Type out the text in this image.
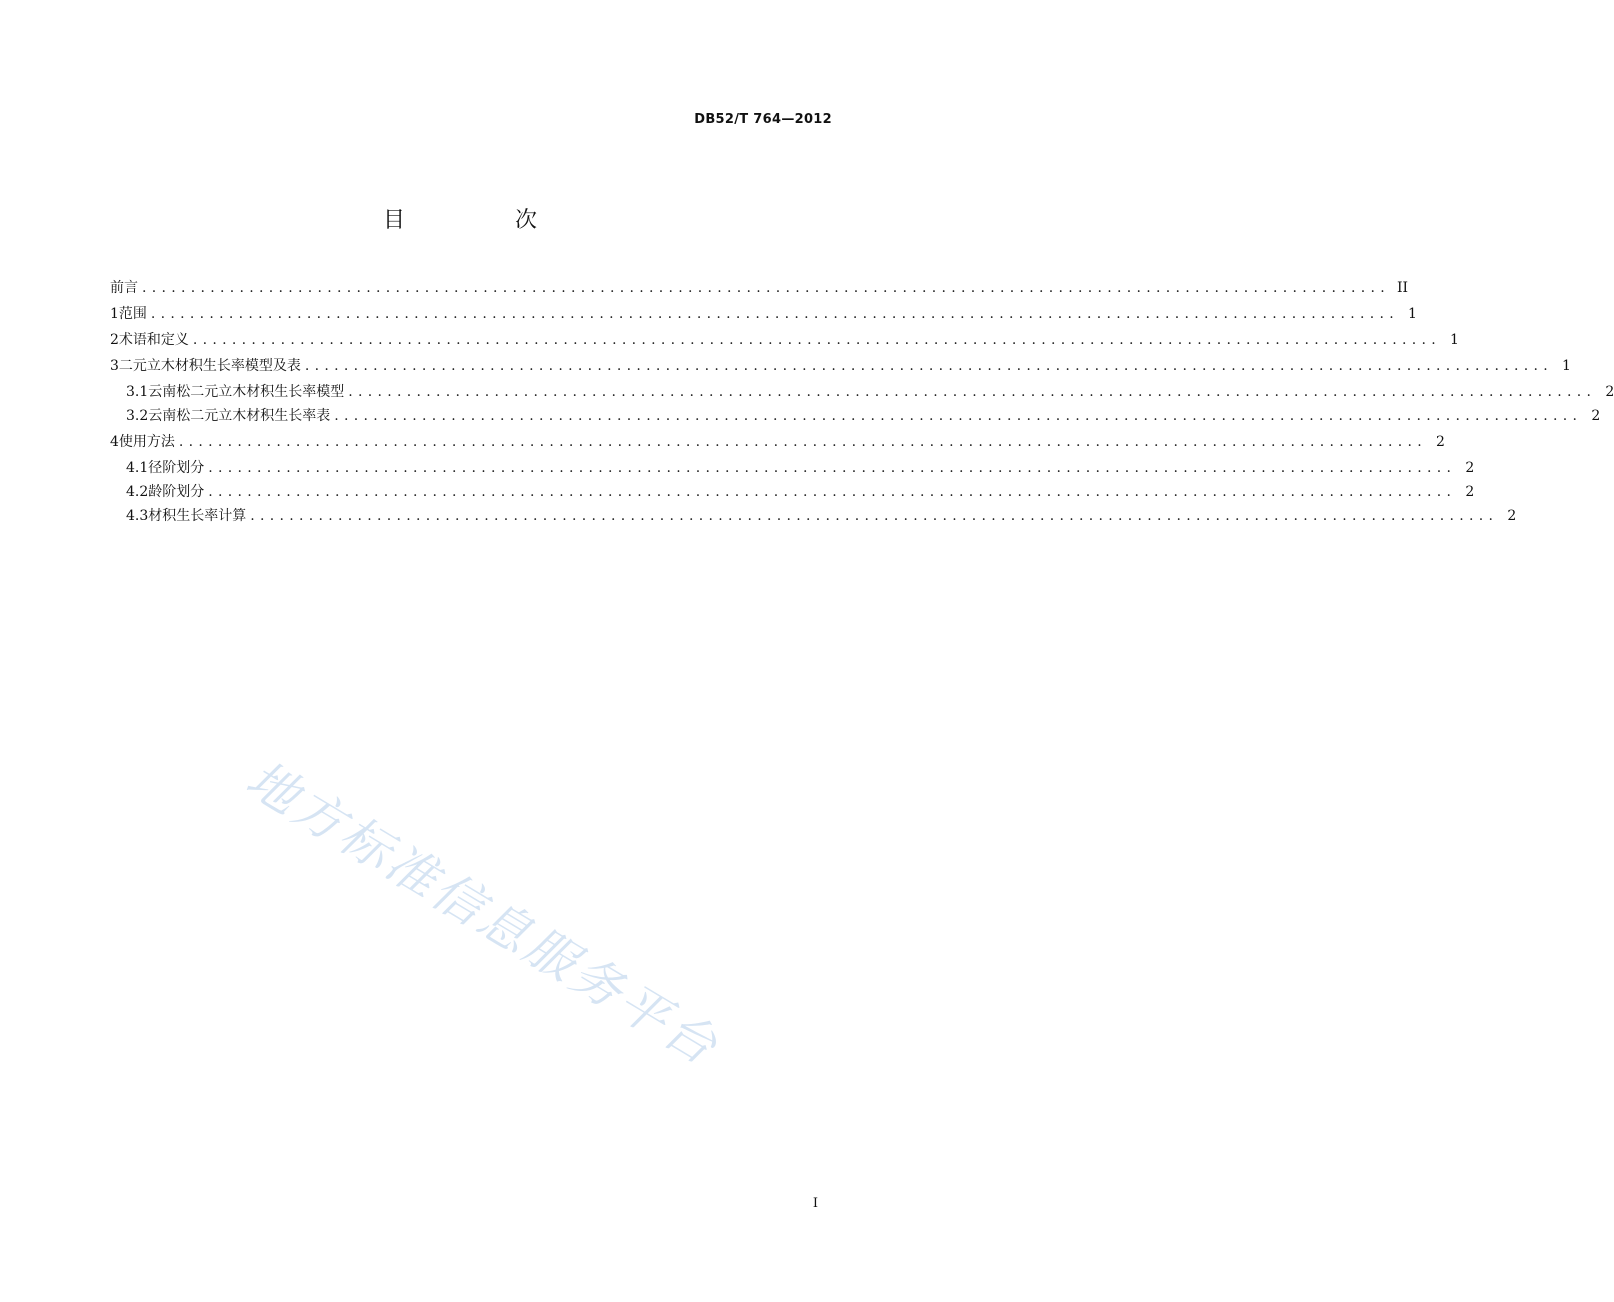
DB52/T 764—2012
目　次
前言 ................................................................................................................................ II
1 范围 ................................................................................................................................ 1
2 术语和定义 ................................................................................................................................ 1
3 二元立木材积生长率模型及表 ................................................................................................................................ 1
3.1 云南松二元立木材积生长率模型 ................................................................................................................................ 2
3.2 云南松二元立木材积生长率表 ................................................................................................................................ 2
4 使用方法 ................................................................................................................................ 2
4.1 径阶划分 ................................................................................................................................ 2
4.2 龄阶划分 ................................................................................................................................ 2
4.3 材积生长率计算 ................................................................................................................................ 2
地方标准信息服务平台
I
